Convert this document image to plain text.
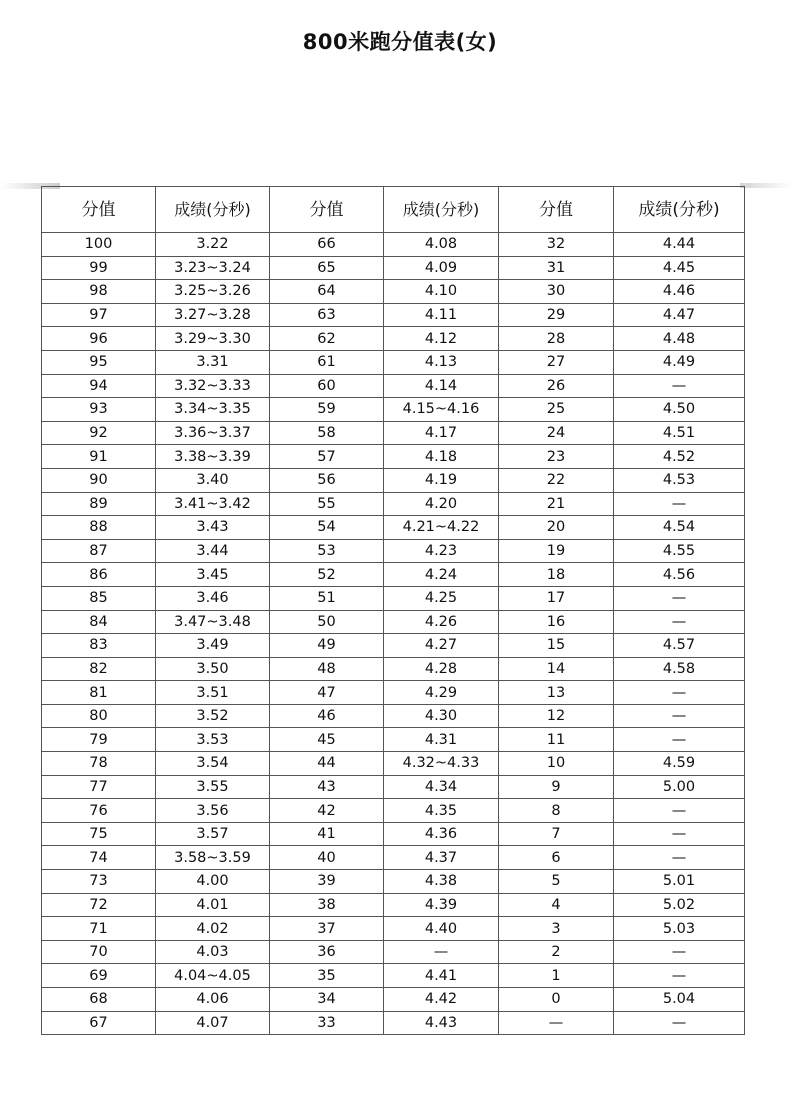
800米跑分值表(女)
分值	成绩(分秒)	分值	成绩(分秒)	分值	成绩(分秒)
100	3.22	66	4.08	32	4.44
99	3.23~3.24	65	4.09	31	4.45
98	3.25~3.26	64	4.10	30	4.46
97	3.27~3.28	63	4.11	29	4.47
96	3.29~3.30	62	4.12	28	4.48
95	3.31	61	4.13	27	4.49
94	3.32~3.33	60	4.14	26	—
93	3.34~3.35	59	4.15~4.16	25	4.50
92	3.36~3.37	58	4.17	24	4.51
91	3.38~3.39	57	4.18	23	4.52
90	3.40	56	4.19	22	4.53
89	3.41~3.42	55	4.20	21	—
88	3.43	54	4.21~4.22	20	4.54
87	3.44	53	4.23	19	4.55
86	3.45	52	4.24	18	4.56
85	3.46	51	4.25	17	—
84	3.47~3.48	50	4.26	16	—
83	3.49	49	4.27	15	4.57
82	3.50	48	4.28	14	4.58
81	3.51	47	4.29	13	—
80	3.52	46	4.30	12	—
79	3.53	45	4.31	11	—
78	3.54	44	4.32~4.33	10	4.59
77	3.55	43	4.34	9	5.00
76	3.56	42	4.35	8	—
75	3.57	41	4.36	7	—
74	3.58~3.59	40	4.37	6	—
73	4.00	39	4.38	5	5.01
72	4.01	38	4.39	4	5.02
71	4.02	37	4.40	3	5.03
70	4.03	36	—	2	—
69	4.04~4.05	35	4.41	1	—
68	4.06	34	4.42	0	5.04
67	4.07	33	4.43	—	—
